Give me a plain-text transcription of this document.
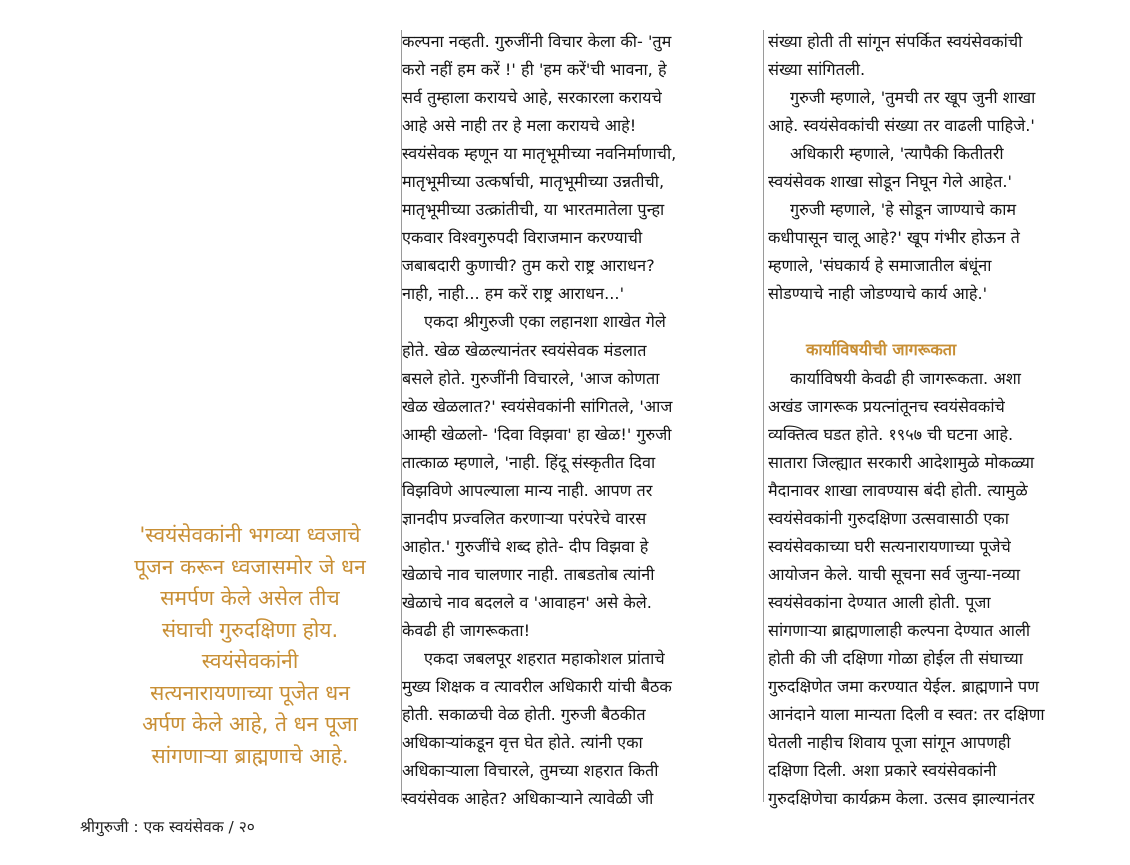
'स्वयंसेवकांनी भगव्या ध्वजाचे
पूजन करून ध्वजासमोर जे धन
समर्पण केले असेल तीच
संघाची गुरुदक्षिणा होय.
स्वयंसेवकांनी
सत्यनारायणाच्या पूजेत धन
अर्पण केले आहे, ते धन पूजा
सांगणाऱ्या ब्राह्मणाचे आहे.
श्रीगुरुजी : एक स्वयंसेवक / २०
कल्पना नव्हती. गुरुजींनी विचार केला की- 'तुम
करो नहीं हम करें !' ही 'हम करें'ची भावना, हे
सर्व तुम्हाला करायचे आहे, सरकारला करायचे
आहे असे नाही तर हे मला करायचे आहे!
स्वयंसेवक म्हणून या मातृभूमीच्या नवनिर्माणाची,
मातृभूमीच्या उत्कर्षाची, मातृभूमीच्या उन्नतीची,
मातृभूमीच्या उत्क्रांतीची, या भारतमातेला पुन्हा
एकवार विश्वगुरुपदी विराजमान करण्याची
जबाबदारी कुणाची? तुम करो राष्ट्र आराधन?
नाही, नाही... हम करें राष्ट्र आराधन...'
एकदा श्रीगुरुजी एका लहानशा शाखेत गेले
होते. खेळ खेळल्यानंतर स्वयंसेवक मंडलात
बसले होते. गुरुजींनी विचारले, 'आज कोणता
खेळ खेळलात?' स्वयंसेवकांनी सांगितले, 'आज
आम्ही खेळलो- 'दिवा विझवा' हा खेळ!' गुरुजी
तात्काळ म्हणाले, 'नाही. हिंदू संस्कृतीत दिवा
विझविणे आपल्याला मान्य नाही. आपण तर
ज्ञानदीप प्रज्वलित करणाऱ्या परंपरेचे वारस
आहोत.' गुरुजींचे शब्द होते- दीप विझवा हे
खेळाचे नाव चालणार नाही. ताबडतोब त्यांनी
खेळाचे नाव बदलले व 'आवाहन' असे केले.
केवढी ही जागरूकता!
एकदा जबलपूर शहरात महाकोशल प्रांताचे
मुख्य शिक्षक व त्यावरील अधिकारी यांची बैठक
होती. सकाळची वेळ होती. गुरुजी बैठकीत
अधिकाऱ्यांकडून वृत्त घेत होते. त्यांनी एका
अधिकाऱ्याला विचारले, तुमच्या शहरात किती
स्वयंसेवक आहेत? अधिकाऱ्याने त्यावेळी जी
संख्या होती ती सांगून संपर्कित स्वयंसेवकांची
संख्या सांगितली.
गुरुजी म्हणाले, 'तुमची तर खूप जुनी शाखा
आहे. स्वयंसेवकांची संख्या तर वाढली पाहिजे.'
अधिकारी म्हणाले, 'त्यापैकी कितीतरी
स्वयंसेवक शाखा सोडून निघून गेले आहेत.'
गुरुजी म्हणाले, 'हे सोडून जाण्याचे काम
कधीपासून चालू आहे?' खूप गंभीर होऊन ते
म्हणाले, 'संघकार्य हे समाजातील बंधूंना
सोडण्याचे नाही जोडण्याचे कार्य आहे.'
कार्याविषयीची जागरूकता
कार्याविषयी केवढी ही जागरूकता. अशा
अखंड जागरूक प्रयत्नांतूनच स्वयंसेवकांचे
व्यक्तित्व घडत होते. १९५७ ची घटना आहे.
सातारा जिल्ह्यात सरकारी आदेशामुळे मोकळ्या
मैदानावर शाखा लावण्यास बंदी होती. त्यामुळे
स्वयंसेवकांनी गुरुदक्षिणा उत्सवासाठी एका
स्वयंसेवकाच्या घरी सत्यनारायणाच्या पूजेचे
आयोजन केले. याची सूचना सर्व जुन्या-नव्या
स्वयंसेवकांना देण्यात आली होती. पूजा
सांगणाऱ्या ब्राह्मणालाही कल्पना देण्यात आली
होती की जी दक्षिणा गोळा होईल ती संघाच्या
गुरुदक्षिणेत जमा करण्यात येईल. ब्राह्मणाने पण
आनंदाने याला मान्यता दिली व स्वत: तर दक्षिणा
घेतली नाहीच शिवाय पूजा सांगून आपणही
दक्षिणा दिली. अशा प्रकारे स्वयंसेवकांनी
गुरुदक्षिणेचा कार्यक्रम केला. उत्सव झाल्यानंतर
